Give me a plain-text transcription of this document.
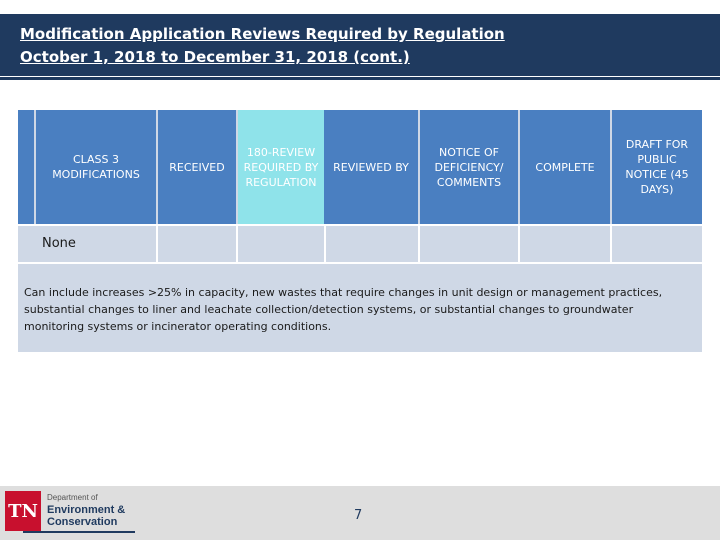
Modification Application Reviews Required by Regulation
October 1, 2018 to December 31, 2018 (cont.)
CLASS 3 MODIFICATIONS
RECEIVED
180-REVIEW REQUIRED BY REGULATION
REVIEWED BY
NOTICE OF DEFICIENCY/ COMMENTS
COMPLETE
DRAFT FOR PUBLIC NOTICE (45 DAYS)
None
Can include increases >25% in capacity, new wastes that require changes in unit design or management practices, substantial changes to liner and leachate collection/detection systems, or substantial changes to groundwater monitoring systems or incinerator operating conditions.
TN
Department of
Environment &
Conservation	7
